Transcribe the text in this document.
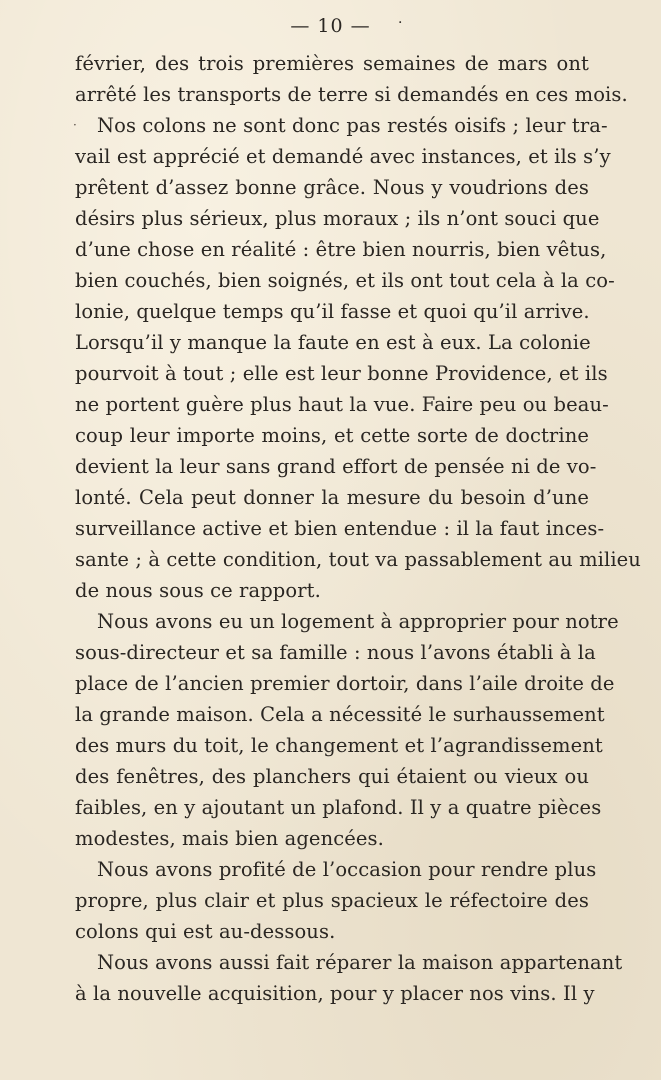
— 10 — ·
·
février, des trois premières semaines de mars ont
arrêté les transports de terre si demandés en ces mois.
Nos colons ne sont donc pas restés oisifs ; leur tra-
vail est apprécié et demandé avec instances, et ils s’y
prêtent d’assez bonne grâce. Nous y voudrions des
désirs plus sérieux, plus moraux ; ils n’ont souci que
d’une chose en réalité : être bien nourris, bien vêtus,
bien couchés, bien soignés, et ils ont tout cela à la co-
lonie, quelque temps qu’il fasse et quoi qu’il arrive.
Lorsqu’il y manque la faute en est à eux. La colonie
pourvoit à tout ; elle est leur bonne Providence, et ils
ne portent guère plus haut la vue. Faire peu ou beau-
coup leur importe moins, et cette sorte de doctrine
devient la leur sans grand effort de pensée ni de vo-
lonté. Cela peut donner la mesure du besoin d’une
surveillance active et bien entendue : il la faut inces-
sante ; à cette condition, tout va passablement au milieu
de nous sous ce rapport.
Nous avons eu un logement à approprier pour notre
sous-directeur et sa famille : nous l’avons établi à la
place de l’ancien premier dortoir, dans l’aile droite de
la grande maison. Cela a nécessité le surhaussement
des murs du toit, le changement et l’agrandissement
des fenêtres, des planchers qui étaient ou vieux ou
faibles, en y ajoutant un plafond. Il y a quatre pièces
modestes, mais bien agencées.
Nous avons profité de l’occasion pour rendre plus
propre, plus clair et plus spacieux le réfectoire des
colons qui est au-dessous.
Nous avons aussi fait réparer la maison appartenant
à la nouvelle acquisition, pour y placer nos vins. Il y
